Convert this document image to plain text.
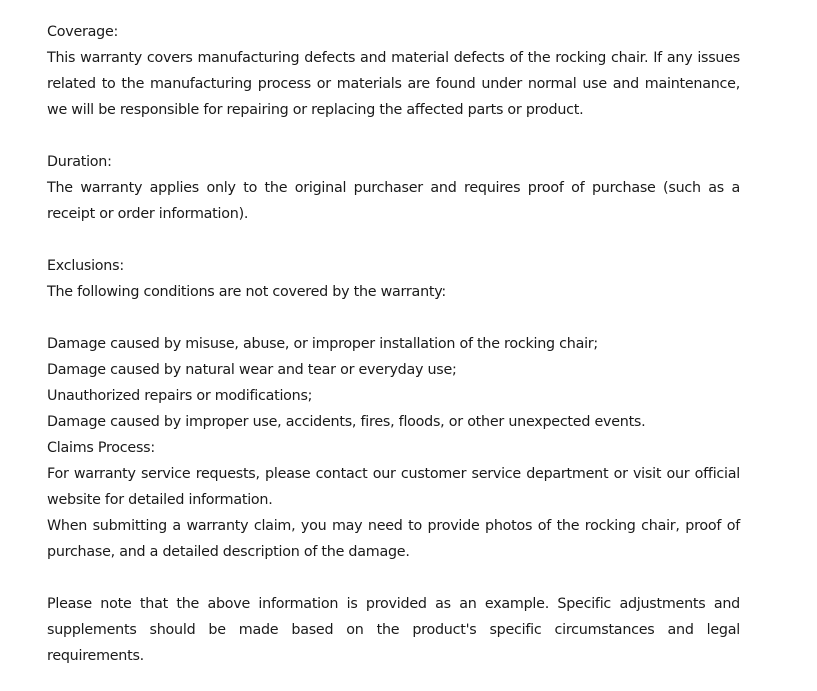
Coverage:

This warranty covers manufacturing defects and material defects of the rocking chair. If any issues related to the manufacturing process or materials are found under normal use and maintenance, we will be responsible for repairing or replacing the affected parts or product.

Duration:

The warranty applies only to the original purchaser and requires proof of purchase (such as a receipt or order information).

Exclusions:

The following conditions are not covered by the warranty:

Damage caused by misuse, abuse, or improper installation of the rocking chair;

Damage caused by natural wear and tear or everyday use;

Unauthorized repairs or modifications;

Damage caused by improper use, accidents, fires, floods, or other unexpected events.

Claims Process:

For warranty service requests, please contact our customer service department or visit our official website for detailed information.

When submitting a warranty claim, you may need to provide photos of the rocking chair, proof of purchase, and a detailed description of the damage.

Please note that the above information is provided as an example. Specific adjustments and supplements should be made based on the product's specific circumstances and legal requirements.
